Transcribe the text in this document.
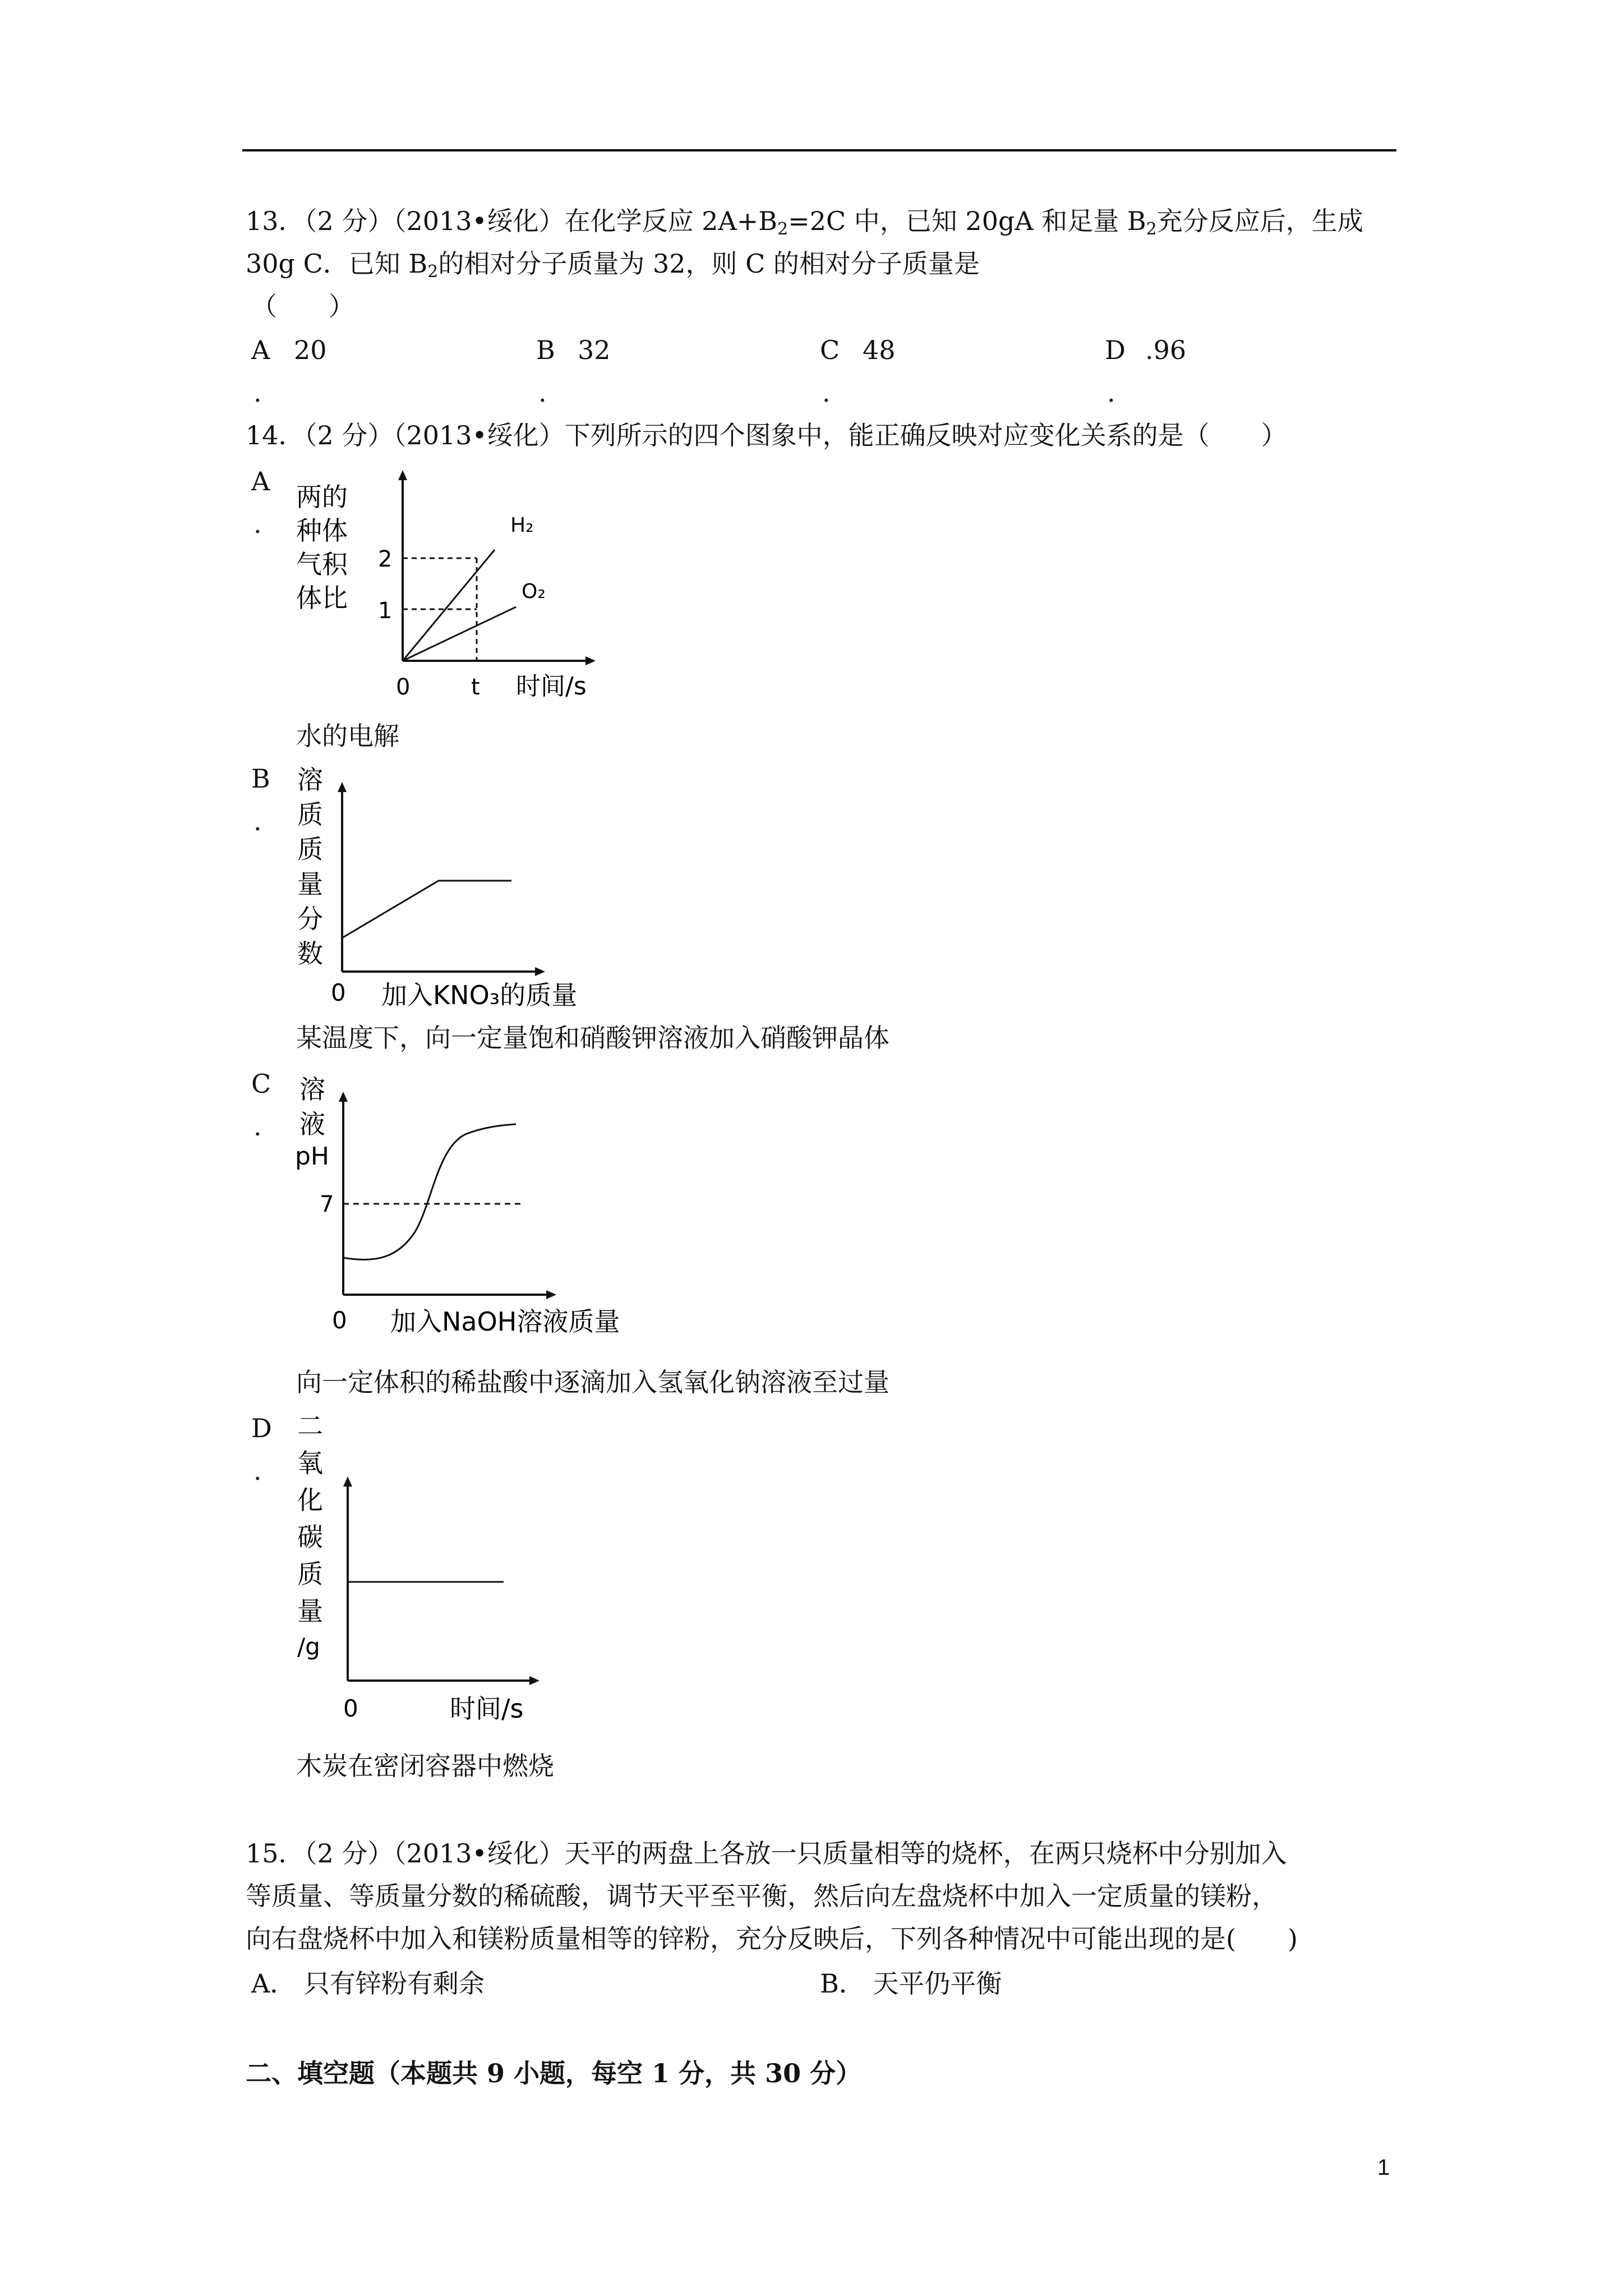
13．（2 分）（2013•绥化）在化学反应 $2A+B_2=2C$ 中，已知 20gA 和足量 $B_2$充分反应后，生成
30g C．已知 $B_2$的相对分子质量为 32，则 C 的相对分子质量是
（　　）
A 20
.
B 32
.
C 48
.
D .96
.
14．（2 分）（2013•绥化）下列所示的四个图象中，能正确反映对应变化关系的是（　　）
A
.
两的
种体
气积
体比
2
1
0	t 时间/s
H₂
O₂
水的电解
B
.
溶
质
质
量
分
数
0 加入KNO₃的质量
某温度下，向一定量饱和硝酸钾溶液加入硝酸钾晶体
C
.
溶
液
pH
7
0 加入NaOH溶液质量
向一定体积的稀盐酸中逐滴加入氢氧化钠溶液至过量
D
.
二
氧
化
碳
质
量
/g
0	时间/s
木炭在密闭容器中燃烧
15．（2 分）（2013•绥化）天平的两盘上各放一只质量相等的烧杯，在两只烧杯中分别加入
等质量、等质量分数的稀硫酸，调节天平至平衡，然后向左盘烧杯中加入一定质量的镁粉，
向右盘烧杯中加入和镁粉质量相等的锌粉，充分反映后，下列各种情况中可能出现的是(　　)
A． 只有锌粉有剩余	B． 天平仍平衡
二、填空题（本题共 9 小题，每空 1 分，共 30 分）
1
